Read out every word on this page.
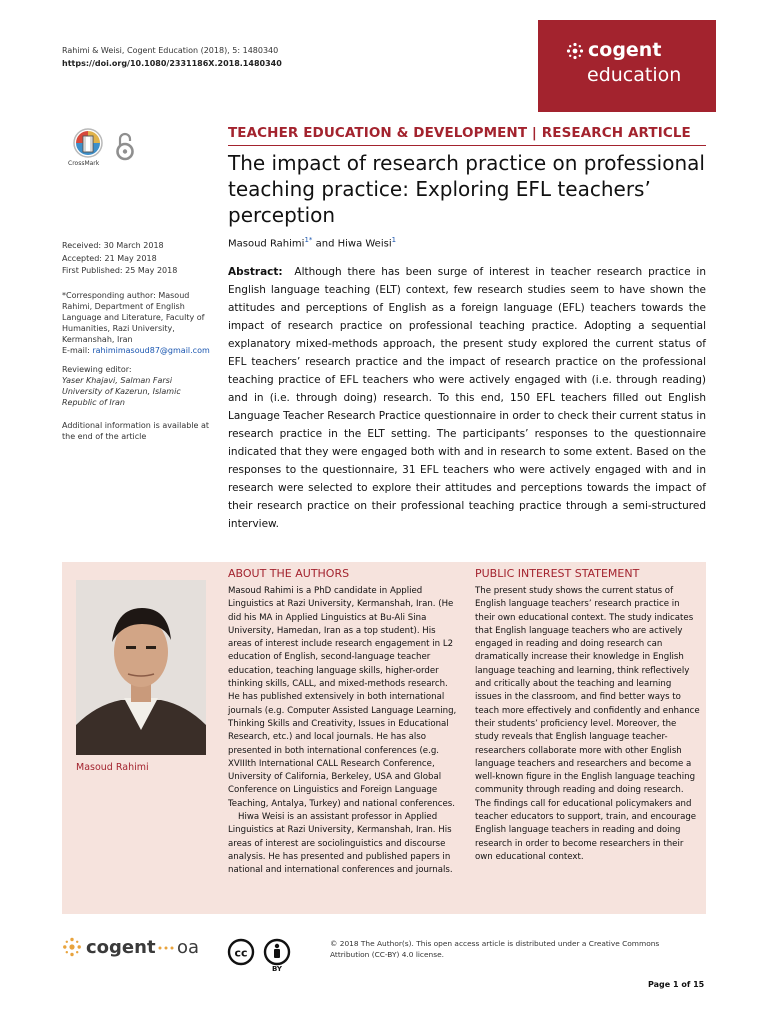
Rahimi & Weisi, Cogent Education (2018), 5: 1480340
https://doi.org/10.1080/2331186X.2018.1480340
cogent
education
CrossMark
TEACHER EDUCATION & DEVELOPMENT | RESEARCH ARTICLE
The impact of research practice on professional teaching practice: Exploring EFL teachers’ perception
Masoud Rahimi$^{1*}$ and Hiwa Weisi$^1$
Received: 30 March 2018
Accepted: 21 May 2018
First Published: 25 May 2018
*Corresponding author: Masoud Rahimi, Department of English Language and Literature, Faculty of Humanities, Razi University, Kermanshah, Iran
E-mail: rahimimasoud87@gmail.com
Reviewing editor:
Yaser Khajavi, Salman Farsi University of Kazerun, Islamic Republic of Iran
Additional information is available at the end of the article
Abstract: Although there has been surge of interest in teacher research practice in English language teaching (ELT) context, few research studies seem to have shown the attitudes and perceptions of English as a foreign language (EFL) teachers towards the impact of research practice on professional teaching practice. Adopting a sequential explanatory mixed-methods approach, the present study explored the current status of EFL teachers’ research practice and the impact of research practice on the professional teaching practice of EFL teachers who were actively engaged with (i.e. through reading) and in (i.e. through doing) research. To this end, 150 EFL teachers filled out English Language Teacher Research Practice questionnaire in order to check their current status in research practice in the ELT setting. The participants’ responses to the questionnaire indicated that they were engaged both with and in research to some extent. Based on the responses to the questionnaire, 31 EFL teachers who were actively engaged with and in research were selected to explore their attitudes and perceptions towards the impact of their research practice on their professional teaching practice through a semi-structured interview.
Masoud Rahimi
ABOUT THE AUTHORS

Masoud Rahimi is a PhD candidate in Applied Linguistics at Razi University, Kermanshah, Iran. (He did his MA in Applied Linguistics at Bu-Ali Sina University, Hamedan, Iran as a top student). His areas of interest include research engagement in L2 education of English, second-language teacher education, teaching language skills, higher-order thinking skills, CALL, and mixed-methods research. He has published extensively in both international journals (e.g. Computer Assisted Language Learning, Thinking Skills and Creativity, Issues in Educational Research, etc.) and local journals. He has also presented in both international conferences (e.g. XVIIIth International CALL Research Conference, University of California, Berkeley, USA and Global Conference on Linguistics and Foreign Language Teaching, Antalya, Turkey) and national conferences.

Hiwa Weisi is an assistant professor in Applied Linguistics at Razi University, Kermanshah, Iran. His areas of interest are sociolinguistics and discourse analysis. He has presented and published papers in national and international conferences and journals.

PUBLIC INTEREST STATEMENT
The present study shows the current status of English language teachers’ research practice in their own educational context. The study indicates that English language teachers who are actively engaged in reading and doing research can dramatically increase their knowledge in English language teaching and learning, think reflectively and critically about the teaching and learning issues in the classroom, and find better ways to teach more effectively and confidently and enhance their students’ proficiency level. Moreover, the study reveals that English language teacher-researchers collaborate more with other English language teachers and researchers and become a well-known figure in the English language teaching community through reading and doing research. The findings call for educational policymakers and teacher educators to support, train, and encourage English language teachers in reading and doing research in order to become researchers in their own educational context.
cogent oa	cc
BY
© 2018 The Author(s). This open access article is distributed under a Creative Commons Attribution (CC-BY) 4.0 license.
Page 1 of 15
